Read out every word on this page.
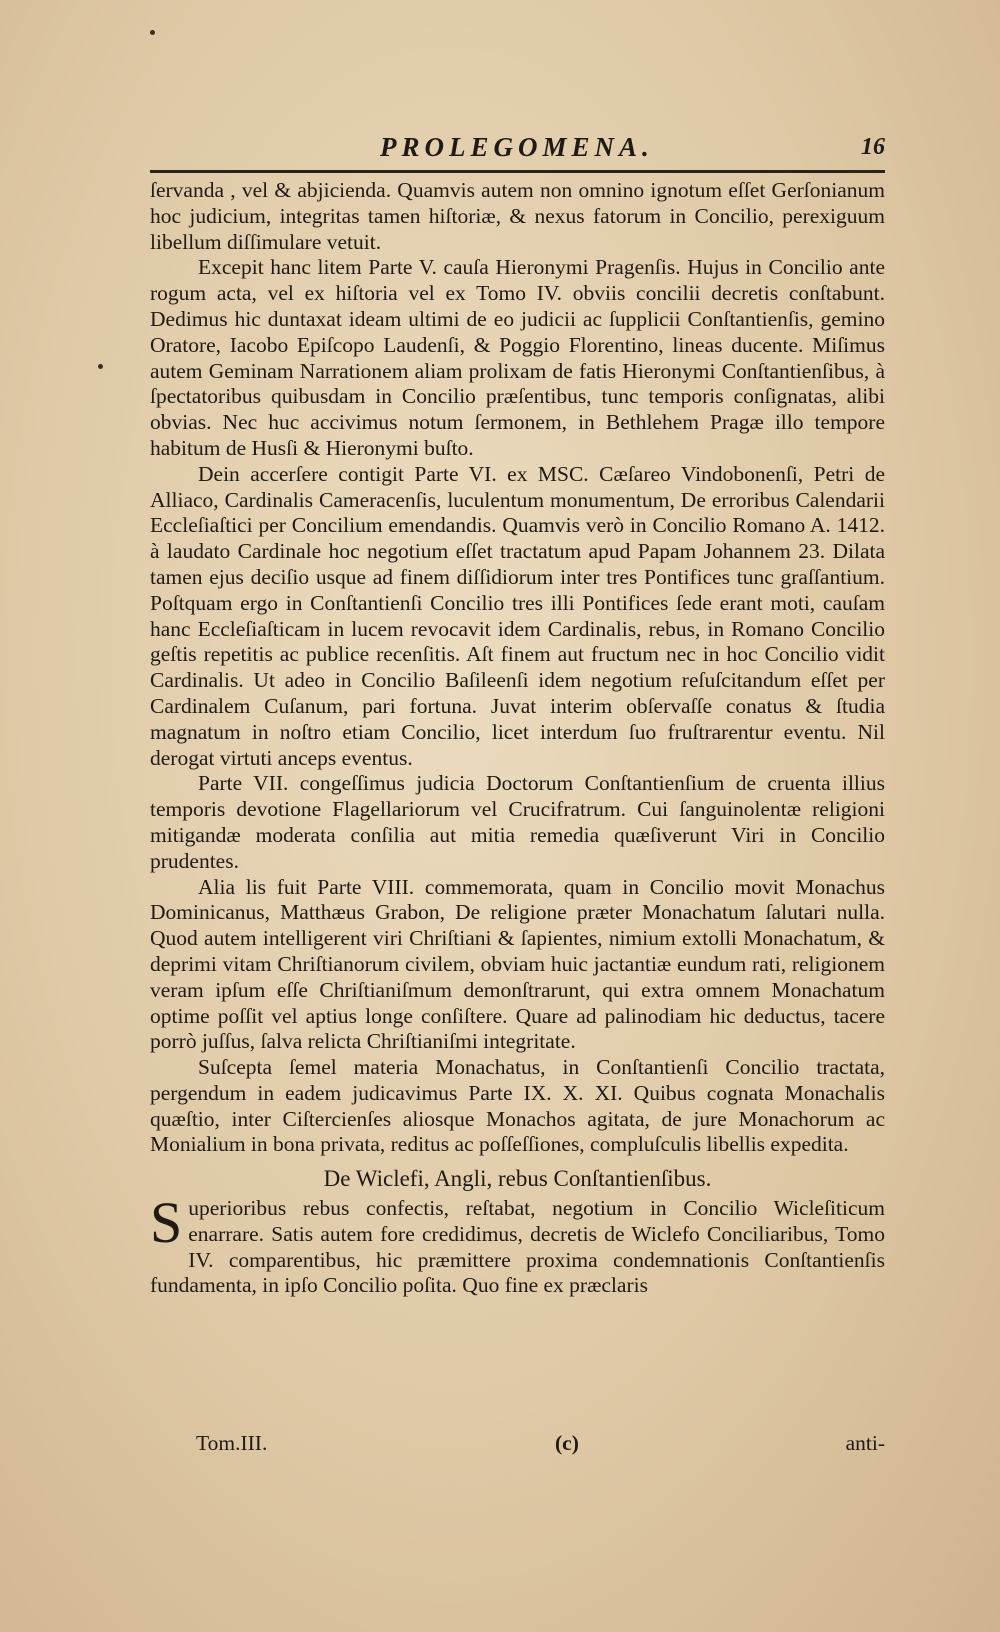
PROLEGOMENA.	16

ſervanda , vel & abjicienda. Quamvis autem non omnino ignotum eſſet Gerſonianum hoc judicium, integritas tamen hiſtoriæ, & nexus fatorum in Concilio, perexiguum libellum diſſimulare vetuit.

Excepit hanc litem Parte V. cauſa Hieronymi Pragenſis. Hujus in Concilio ante rogum acta, vel ex hiſtoria vel ex Tomo IV. obviis concilii decretis conſtabunt. Dedimus hic duntaxat ideam ultimi de eo judicii ac ſupplicii Conſtantienſis, gemino Oratore, Iacobo Epiſcopo Laudenſi, & Poggio Florentino, lineas ducente. Miſimus autem Geminam Narrationem aliam prolixam de fatis Hieronymi Conſtantienſibus, à ſpectatoribus quibusdam in Concilio præſentibus, tunc temporis conſignatas, alibi obvias. Nec huc accivimus notum ſermonem, in Bethlehem Pragæ illo tempore habitum de Husſi & Hieronymi buſto.

Dein accerſere contigit Parte VI. ex MSC. Cæſareo Vindobonenſi, Petri de Alliaco, Cardinalis Cameracenſis, luculentum monumentum, De erroribus Calendarii Eccleſiaſtici per Concilium emendandis. Quamvis verò in Concilio Romano A. 1412. à laudato Cardinale hoc negotium eſſet tractatum apud Papam Johannem 23. Dilata tamen ejus deciſio usque ad finem diſſidiorum inter tres Pontifices tunc graſſantium. Poſtquam ergo in Conſtantienſi Concilio tres illi Pontifices ſede erant moti, cauſam hanc Eccleſiaſticam in lucem revocavit idem Cardinalis, rebus, in Romano Concilio geſtis repetitis ac publice recenſitis. Aſt finem aut fructum nec in hoc Concilio vidit Cardinalis. Ut adeo in Concilio Baſileenſi idem negotium reſuſcitandum eſſet per Cardinalem Cuſanum, pari fortuna. Juvat interim obſervaſſe conatus & ſtudia magnatum in noſtro etiam Concilio, licet interdum ſuo fruſtrarentur eventu. Nil derogat virtuti anceps eventus.

Parte VII. congeſſimus judicia Doctorum Conſtantienſium de cruenta illius temporis devotione Flagellariorum vel Crucifratrum. Cui ſanguinolentæ religioni mitigandæ moderata conſilia aut mitia remedia quæſiverunt Viri in Concilio prudentes.

Alia lis fuit Parte VIII. commemorata, quam in Concilio movit Monachus Dominicanus, Matthæus Grabon, De religione præter Monachatum ſalutari nulla. Quod autem intelligerent viri Chriſtiani & ſapientes, nimium extolli Monachatum, & deprimi vitam Chriſtianorum civilem, obviam huic jactantiæ eundum rati, religionem veram ipſum eſſe Chriſtianiſmum demonſtrarunt, qui extra omnem Monachatum optime poſſit vel aptius longe conſiſtere. Quare ad palinodiam hic deductus, tacere porrò juſſus, ſalva relicta Chriſtianiſmi integritate.

Suſcepta ſemel materia Monachatus, in Conſtantienſi Concilio tractata, pergendum in eadem judicavimus Parte IX. X. XI. Quibus cognata Monachalis quæſtio, inter Ciſtercienſes aliosque Monachos agitata, de jure Monachorum ac Monialium in bona privata, reditus ac poſſeſſiones, compluſculis libellis expedita.

De Wiclefi, Angli, rebus Conſtantienſibus.

Superioribus rebus confectis, reſtabat, negotium in Concilio Wicleſiticum enarrare. Satis autem fore credidimus, decretis de Wiclefo Conciliaribus, Tomo IV. comparentibus, hic præmittere proxima condemnationis Conſtantienſis fundamenta, in ipſo Concilio poſita. Quo fine ex præclaris

Tom.III.	(c)	anti-
